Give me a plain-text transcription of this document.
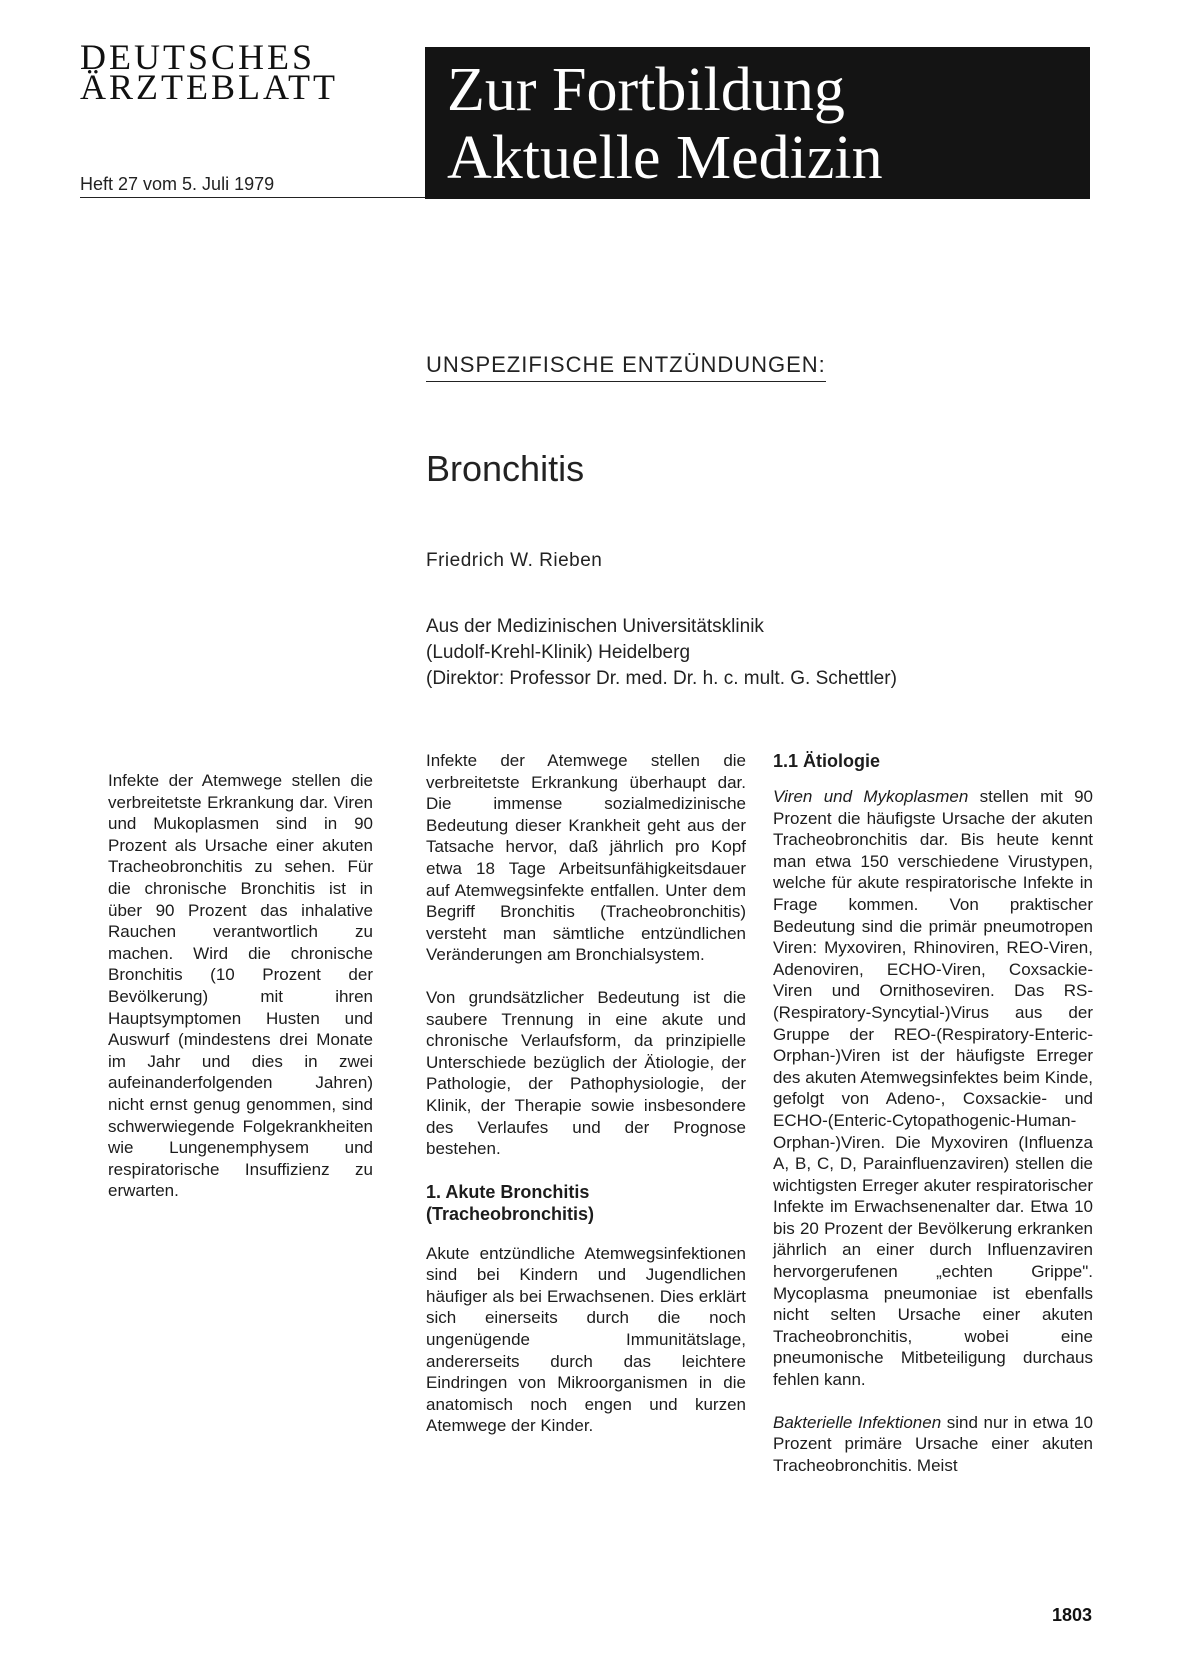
DEUTSCHES
ÄRZTEBLATT
Heft 27 vom 5. Juli 1979
Zur Fortbildung
Aktuelle Medizin
UNSPEZIFISCHE ENTZÜNDUNGEN:
Bronchitis
Friedrich W. Rieben
Aus der Medizinischen Universitätsklinik
(Ludolf-Krehl-Klinik) Heidelberg
(Direktor: Professor Dr. med. Dr. h. c. mult. G. Schettler)

Infekte der Atemwege stellen die verbreitetste Erkrankung dar. Viren und Mukoplasmen sind in 90 Prozent als Ursache einer akuten Tracheobronchitis zu sehen. Für die chronische Bronchitis ist in über 90 Prozent das inhalative Rauchen verantwortlich zu machen. Wird die chronische Bronchitis (10 Prozent der Bevölkerung) mit ihren Hauptsymptomen Husten und Auswurf (mindestens drei Monate im Jahr und dies in zwei aufeinanderfolgenden Jahren) nicht ernst genug genommen, sind schwerwiegende Folgekrankheiten wie Lungenemphysem und respiratorische Insuffizienz zu erwarten.

Infekte der Atemwege stellen die verbreitetste Erkrankung überhaupt dar. Die immense sozialmedizinische Bedeutung dieser Krankheit geht aus der Tatsache hervor, daß jährlich pro Kopf etwa 18 Tage Arbeitsunfähigkeitsdauer auf Atemwegsinfekte entfallen. Unter dem Begriff Bronchitis (Tracheobronchitis) versteht man sämtliche entzündlichen Veränderungen am Bronchialsystem.

Von grundsätzlicher Bedeutung ist die saubere Trennung in eine akute und chronische Verlaufsform, da prinzipielle Unterschiede bezüglich der Ätiologie, der Pathologie, der Pathophysiologie, der Klinik, der Therapie sowie insbesondere des Verlaufes und der Prognose bestehen.

1. Akute Bronchitis
(Tracheobronchitis)

Akute entzündliche Atemwegsinfektionen sind bei Kindern und Jugendlichen häufiger als bei Erwachsenen. Dies erklärt sich einerseits durch die noch ungenügende Immunitätslage, andererseits durch das leichtere Eindringen von Mikroorganismen in die anatomisch noch engen und kurzen Atemwege der Kinder.

1.1 Ätiologie

Viren und Mykoplasmen stellen mit 90 Prozent die häufigste Ursache der akuten Tracheobronchitis dar. Bis heute kennt man etwa 150 verschiedene Virustypen, welche für akute respiratorische Infekte in Frage kommen. Von praktischer Bedeutung sind die primär pneumotropen Viren: Myxoviren, Rhinoviren, REO-Viren, Adenoviren, ECHO-Viren, Coxsackie-Viren und Ornithoseviren. Das RS-(Respiratory-Syncytial-)Virus aus der Gruppe der REO-(Respiratory-Enteric-Orphan-)Viren ist der häufigste Erreger des akuten Atemwegsinfektes beim Kinde, gefolgt von Adeno-, Coxsackie- und ECHO-(Enteric-Cytopathogenic-Human-Orphan-)Viren. Die Myxoviren (Influenza A, B, C, D, Parainfluenzaviren) stellen die wichtigsten Erreger akuter respiratorischer Infekte im Erwachsenenalter dar. Etwa 10 bis 20 Prozent der Bevölkerung erkranken jährlich an einer durch Influenzaviren hervorgerufenen „echten Grippe". Mycoplasma pneumoniae ist ebenfalls nicht selten Ursache einer akuten Tracheobronchitis, wobei eine pneumonische Mitbeteiligung durchaus fehlen kann.

Bakterielle Infektionen sind nur in etwa 10 Prozent primäre Ursache einer akuten Tracheobronchitis. Meist

1803
